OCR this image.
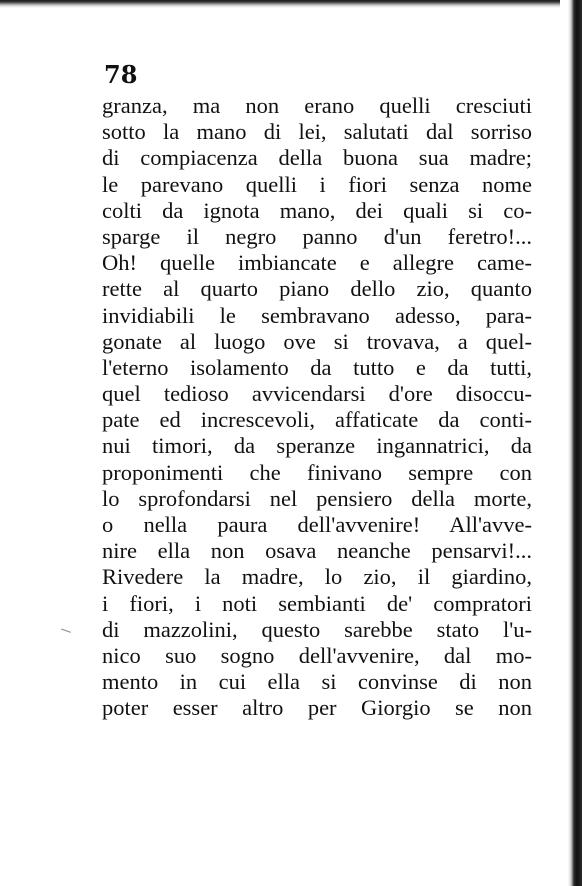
78
granza, ma non erano quelli cresciuti
sotto la mano di lei, salutati dal sorriso
di compiacenza della buona sua madre;
le parevano quelli i fiori senza nome
colti da ignota mano, dei quali si co-
sparge il negro panno d'un feretro!...
Oh! quelle imbiancate e allegre came-
rette al quarto piano dello zio, quanto
invidiabili le sembravano adesso, para-
gonate al luogo ove si trovava, a quel-
l'eterno isolamento da tutto e da tutti,
quel tedioso avvicendarsi d'ore disoccu-
pate ed increscevoli, affaticate da conti-
nui timori, da speranze ingannatrici, da
proponimenti che finivano sempre con
lo sprofondarsi nel pensiero della morte,
o nella paura dell'avvenire! All'avve-
nire ella non osava neanche pensarvi!...
Rivedere la madre, lo zio, il giardino,
i fiori, i noti sembianti de' compratori
di mazzolini, questo sarebbe stato l'u-
nico suo sogno dell'avvenire, dal mo-
mento in cui ella si convinse di non
poter esser altro per Giorgio se non
